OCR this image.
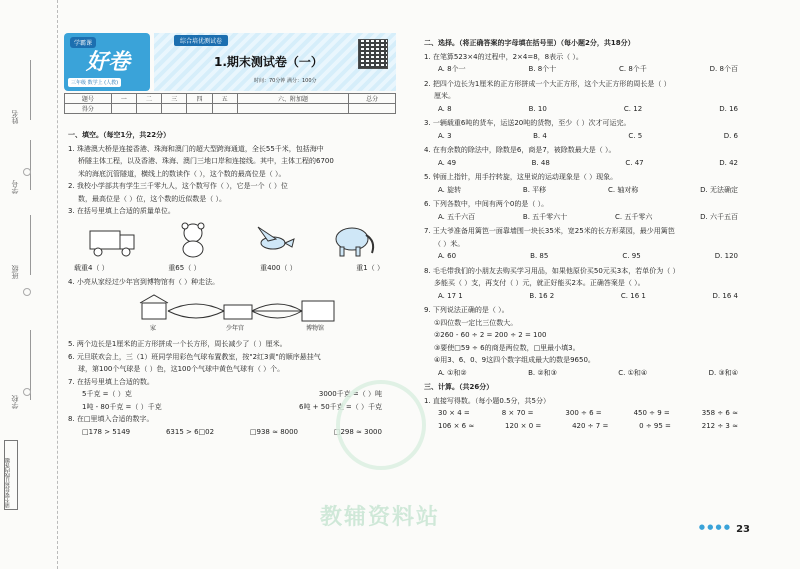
姓名
学号
班级
学校
请不要在装订线内答题
学霸课
好卷
三年级 数学上 (人教)
综合培优测试卷
1.期末测试卷（一）
时间：70分钟 满分：100分
题号	一	二	三	四	五	六、附加题	总分
得分							
一、填空。（每空1分，共22分）
1. 珠港澳大桥是连接香港、珠海和澳门的超大型跨海通道，全长55千米，包括海中
桥隧主体工程，以及香港、珠海、澳门三地口岸和连接线。其中，主体工程的6700
米的海底沉管隧道，横线上的数读作（ ），这个数的最高位是（ ）。
2. 我校小学部共有学生三千零九人，这个数写作（ ），它是一个（ ）位
数，最高位是（ ）位，这个数的近似数是（ ）。
3. 在括号里填上合适的质量单位。
载重4（ ）	重65（ ）	重400（ ）	重1（ ）
4. 小亮从家经过少年宫到博物馆有（ ）种走法。
家	少年宫	博物馆
5. 两个边长是1厘米的正方形拼成一个长方形，周长减少了（ ）厘米。
6. 元旦联欢会上，三（1）班同学用彩色气球布置教室，按"2红3黄"的顺序悬挂气
球，第100个气球是（ ）色，这100个气球中黄色气球有（ ）个。
7. 在括号里填上合适的数。
5千克 =（ ）克	3000千克 =（ ）吨
1吨 - 80千克 =（ ）千克	6吨 + 50千克 =（ ）千克
8. 在□里填入合适的数字。
□178 > 5149	6315 > 6□02	□938 ≈ 8000	□298 ≈ 3000
二、选择。（将正确答案的字母填在括号里）（每小题2分，共18分）
1. 在笔算523×4的过程中，2×4=8，8表示（ ）。
A. 8个一	B. 8个十	C. 8个千	D. 8个百
2. 把四个边长为1厘米的正方形拼成一个大正方形，这个大正方形的周长是（ ）
厘米。
A. 8	B. 10	C. 12	D. 16
3. 一辆载重6吨的货车，运送20吨的货物，至少（ ）次才可运完。
A. 3	B. 4	C. 5	D. 6
4. 在有余数的除法中，除数是6，商是7，被除数最大是（ ）。
A. 49	B. 48	C. 47	D. 42
5. 钟面上指针，用手拧转旋，这里说的运动现象是（ ）现象。
A. 旋转	B. 平移	C. 轴对称	D. 无法确定
6. 下列各数中，中间有两个0的是（ ）。
A. 五千六百	B. 五千零六十	C. 五千零六	D. 六千五百
7. 王大爷准备用篱笆一面靠墙围一块长35米，宽25米的长方形菜园，最少用篱笆
（ ）米。
A. 60	B. 85	C. 95	D. 120
8. 毛毛带我们的小朋友去购买学习用品，如果他原价买50元买3本，若单价为（ ）
多能买（ ）支，再支付（ ）元，就正好能买2本。正确答案是（ ）。
A. 17 1	B. 16 2	C. 16 1	D. 16 4
9. 下列说法正确的是（ ）。
①四位数一定比三位数大。
②260 - 60 ÷ 2 = 200 ÷ 2 = 100
③要使□59 ÷ 6的商是两位数，□里最小填3。
④用3、6、0、9这四个数字组成最大的数是9650。
A. ①和②	B. ②和③	C. ①和④	D. ③和④
三、计算。（共26分）
1. 直接写得数。（每小题0.5分，共5分）
30 × 4 =	8 × 70 =	300 ÷ 6 =	450 ÷ 9 =	358 ÷ 6 ≈
106 × 6 ≈	120 × 0 =	420 ÷ 7 =	0 ÷ 95 =	212 ÷ 3 ≈
教辅资料站	● ● ● ● 23
